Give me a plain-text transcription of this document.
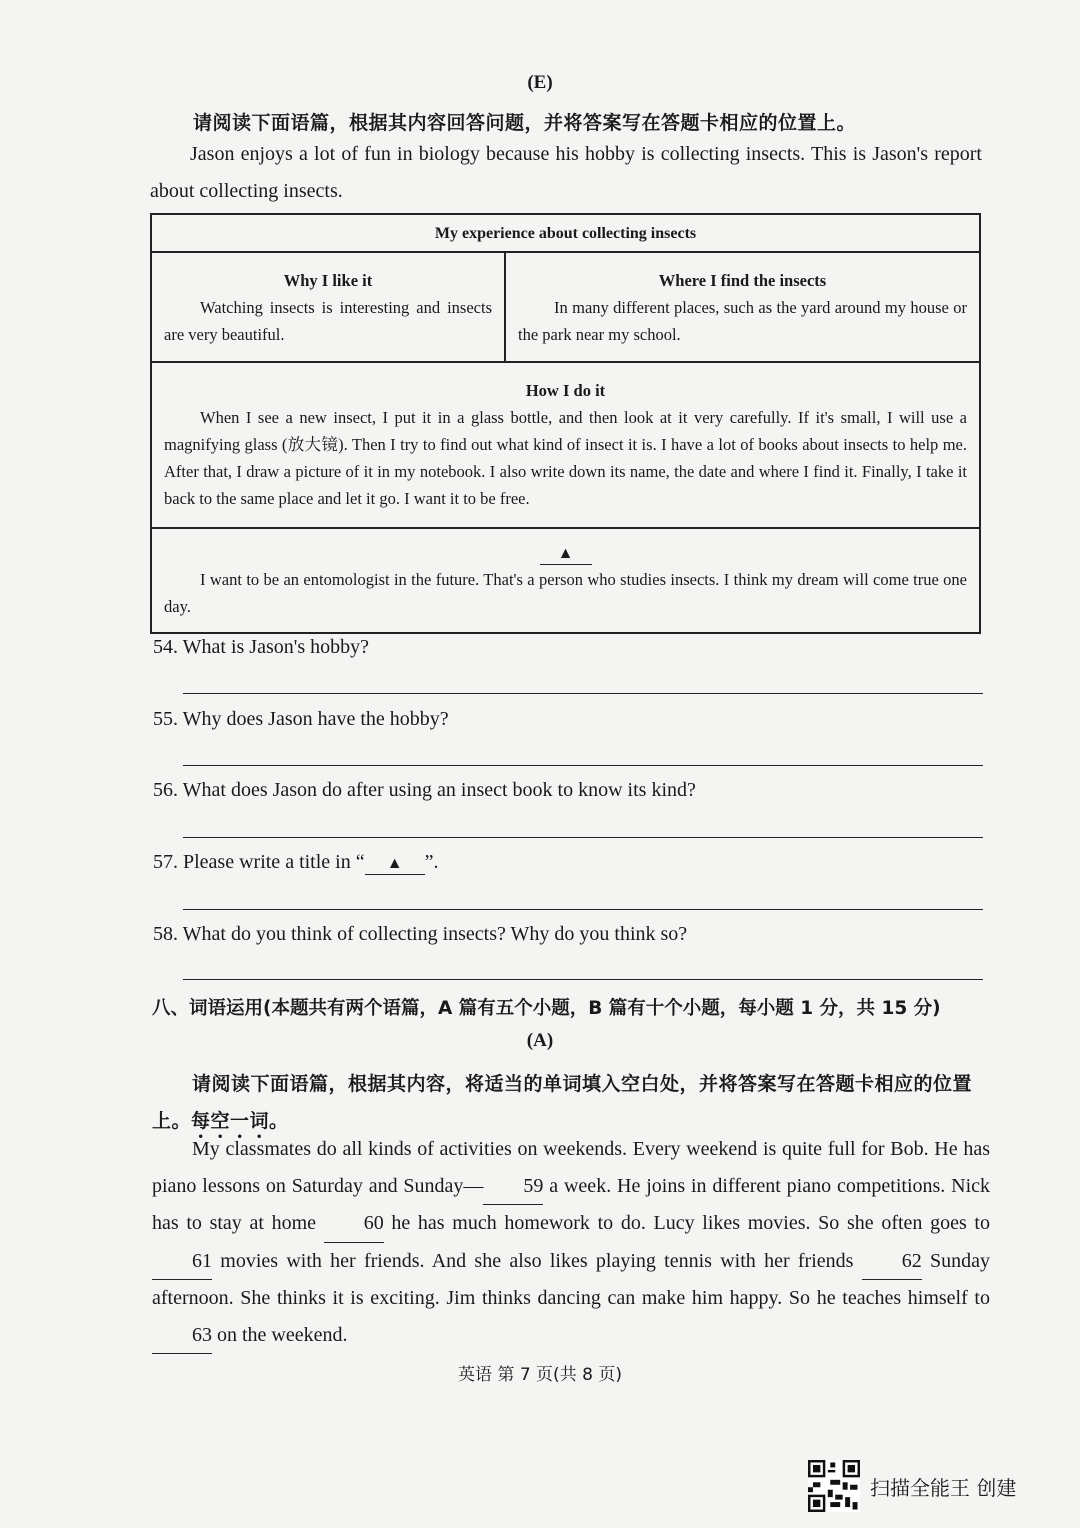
(E)
请阅读下面语篇，根据其内容回答问题，并将答案写在答题卡相应的位置上。

Jason enjoys a lot of fun in biology because his hobby is collecting insects. This is Jason's report about collecting insects.

My experience about collecting insects

Why I like it

Watching insects is interesting and insects are very beautiful.

Where I find the insects

In many different places, such as the yard around my house or the park near my school.

How I do it

When I see a new insect, I put it in a glass bottle, and then look at it very carefully. If it's small, I will use a magnifying glass (放大镜). Then I try to find out what kind of insect it is. I have a lot of books about insects to help me. After that, I draw a picture of it in my notebook. I also write down its name, the date and where I find it. Finally, I take it back to the same place and let it go. I want it to be free.

▲

I want to be an entomologist in the future. That's a person who studies insects. I think my dream will come true one day.

54. What is Jason's hobby?
55. Why does Jason have the hobby?
56. What does Jason do after using an insect book to know its kind?
57. Please write a title in “ ▲ ”.
58. What do you think of collecting insects? Why do you think so?
八、词语运用(本题共有两个语篇，A 篇有五个小题，B 篇有十个小题，每小题 1 分，共 15 分)
(A)
请阅读下面语篇，根据其内容，将适当的单词填入空白处，并将答案写在答题卡相应的位置上。每空一词。

My classmates do all kinds of activities on weekends. Every weekend is quite full for Bob. He has piano lessons on Saturday and Sunday— 59 a week. He joins in different piano competitions. Nick has to stay at home 60 he has much homework to do. Lucy likes movies. So she often goes to 61 movies with her friends. And she also likes playing tennis with her friends 62 Sunday afternoon. She thinks it is exciting. Jim thinks dancing can make him happy. So he teaches himself to 63 on the weekend.

英语 第 7 页(共 8 页)
扫描全能王 创建
